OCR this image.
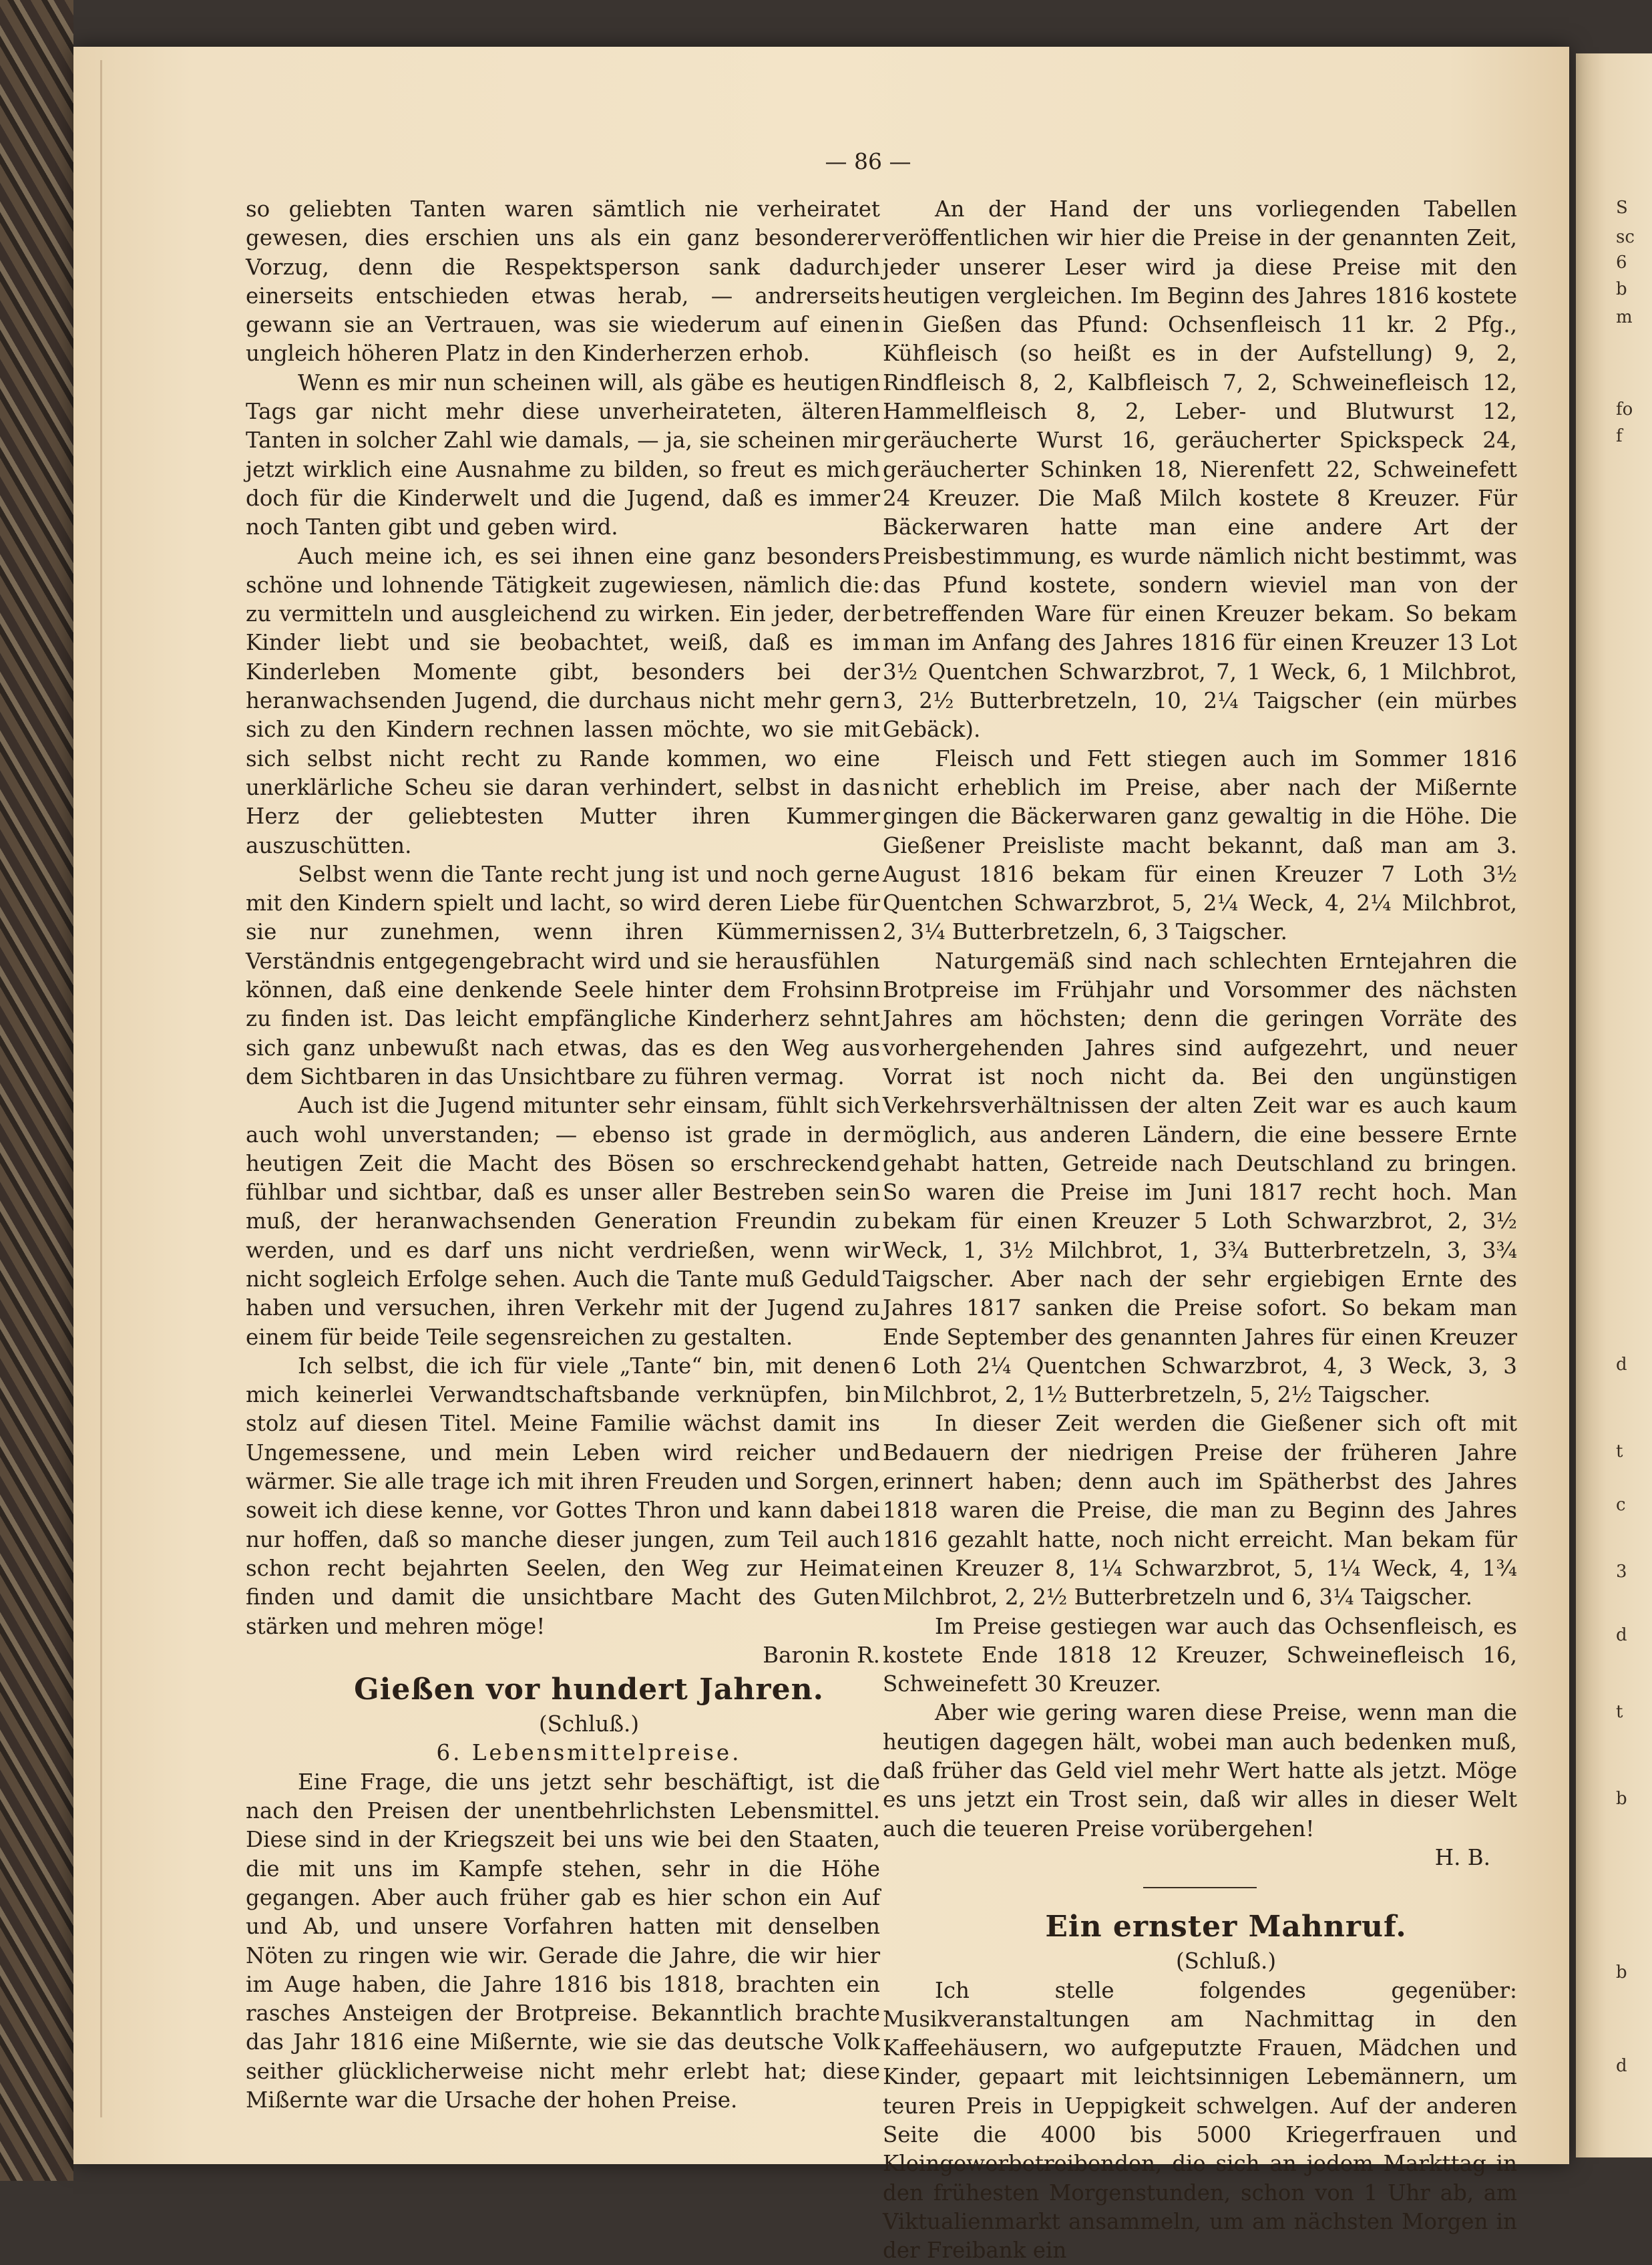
S
sc
6
b
m
fo
f
d
t
c
3
d
t
b
b
d
— 86 —

so geliebten Tanten waren sämtlich nie verheiratet gewesen, dies erschien uns als ein ganz besonderer Vorzug, denn die Respektsperson sank dadurch einerseits entschieden etwas herab, — andrerseits gewann sie an Vertrauen, was sie wiederum auf einen ungleich höheren Platz in den Kinderherzen erhob.

Wenn es mir nun scheinen will, als gäbe es heutigen Tags gar nicht mehr diese unverheirateten, älteren Tanten in solcher Zahl wie damals, — ja, sie scheinen mir jetzt wirklich eine Ausnahme zu bilden, so freut es mich doch für die Kinderwelt und die Jugend, daß es immer noch Tanten gibt und geben wird.

Auch meine ich, es sei ihnen eine ganz besonders schöne und lohnende Tätigkeit zugewiesen, nämlich die: zu vermitteln und ausgleichend zu wirken. Ein jeder, der Kinder liebt und sie beobachtet, weiß, daß es im Kinderleben Momente gibt, besonders bei der heranwachsenden Jugend, die durchaus nicht mehr gern sich zu den Kindern rechnen lassen möchte, wo sie mit sich selbst nicht recht zu Rande kommen, wo eine unerklärliche Scheu sie daran verhindert, selbst in das Herz der geliebtesten Mutter ihren Kummer auszuschütten.

Selbst wenn die Tante recht jung ist und noch gerne mit den Kindern spielt und lacht, so wird deren Liebe für sie nur zunehmen, wenn ihren Kümmernissen Verständnis entgegengebracht wird und sie herausfühlen können, daß eine denkende Seele hinter dem Frohsinn zu finden ist. Das leicht empfängliche Kinderherz sehnt sich ganz unbewußt nach etwas, das es den Weg aus dem Sichtbaren in das Unsichtbare zu führen vermag.

Auch ist die Jugend mitunter sehr einsam, fühlt sich auch wohl unverstanden; — ebenso ist grade in der heutigen Zeit die Macht des Bösen so erschreckend fühlbar und sichtbar, daß es unser aller Bestreben sein muß, der heranwachsenden Generation Freundin zu werden, und es darf uns nicht verdrießen, wenn wir nicht sogleich Erfolge sehen. Auch die Tante muß Geduld haben und versuchen, ihren Verkehr mit der Jugend zu einem für beide Teile segensreichen zu gestalten.

Ich selbst, die ich für viele „Tante“ bin, mit denen mich keinerlei Verwandtschaftsbande verknüpfen, bin stolz auf diesen Titel. Meine Familie wächst damit ins Ungemessene, und mein Leben wird reicher und wärmer. Sie alle trage ich mit ihren Freuden und Sorgen, soweit ich diese kenne, vor Gottes Thron und kann dabei nur hoffen, daß so manche dieser jungen, zum Teil auch schon recht bejahrten Seelen, den Weg zur Heimat finden und damit die unsichtbare Macht des Guten stärken und mehren möge!

Baronin R.

Gießen vor hundert Jahren.

(Schluß.)

6. Lebensmittelpreise.

Eine Frage, die uns jetzt sehr beschäftigt, ist die nach den Preisen der unentbehrlichsten Lebensmittel. Diese sind in der Kriegszeit bei uns wie bei den Staaten, die mit uns im Kampfe stehen, sehr in die Höhe gegangen. Aber auch früher gab es hier schon ein Auf und Ab, und unsere Vorfahren hatten mit denselben Nöten zu ringen wie wir. Gerade die Jahre, die wir hier im Auge haben, die Jahre 1816 bis 1818, brachten ein rasches Ansteigen der Brotpreise. Bekanntlich brachte das Jahr 1816 eine Mißernte, wie sie das deutsche Volk seither glücklicherweise nicht mehr erlebt hat; diese Mißernte war die Ursache der hohen Preise.

An der Hand der uns vorliegenden Tabellen veröffentlichen wir hier die Preise in der genannten Zeit, jeder unserer Leser wird ja diese Preise mit den heutigen vergleichen. Im Beginn des Jahres 1816 kostete in Gießen das Pfund: Ochsenfleisch 11 kr. 2 Pfg., Kühfleisch (so heißt es in der Aufstellung) 9, 2, Rindfleisch 8, 2, Kalbfleisch 7, 2, Schweinefleisch 12, Hammelfleisch 8, 2, Leber- und Blutwurst 12, geräucherte Wurst 16, geräucherter Spickspeck 24, geräucherter Schinken 18, Nierenfett 22, Schweinefett 24 Kreuzer. Die Maß Milch kostete 8 Kreuzer. Für Bäckerwaren hatte man eine andere Art der Preisbestimmung, es wurde nämlich nicht bestimmt, was das Pfund kostete, sondern wieviel man von der betreffenden Ware für einen Kreuzer bekam. So bekam man im Anfang des Jahres 1816 für einen Kreuzer 13 Lot 3½ Quentchen Schwarzbrot, 7, 1 Weck, 6, 1 Milchbrot, 3, 2½ Butterbretzeln, 10, 2¼ Taigscher (ein mürbes Gebäck).

Fleisch und Fett stiegen auch im Sommer 1816 nicht erheblich im Preise, aber nach der Mißernte gingen die Bäckerwaren ganz gewaltig in die Höhe. Die Gießener Preisliste macht bekannt, daß man am 3. August 1816 bekam für einen Kreuzer 7 Loth 3½ Quentchen Schwarzbrot, 5, 2¼ Weck, 4, 2¼ Milchbrot, 2, 3¼ Butterbretzeln, 6, 3 Taigscher.

Naturgemäß sind nach schlechten Erntejahren die Brotpreise im Frühjahr und Vorsommer des nächsten Jahres am höchsten; denn die geringen Vorräte des vorhergehenden Jahres sind aufgezehrt, und neuer Vorrat ist noch nicht da. Bei den ungünstigen Verkehrsverhältnissen der alten Zeit war es auch kaum möglich, aus anderen Ländern, die eine bessere Ernte gehabt hatten, Getreide nach Deutschland zu bringen. So waren die Preise im Juni 1817 recht hoch. Man bekam für einen Kreuzer 5 Loth Schwarzbrot, 2, 3½ Weck, 1, 3½ Milchbrot, 1, 3¾ Butterbretzeln, 3, 3¾ Taigscher. Aber nach der sehr ergiebigen Ernte des Jahres 1817 sanken die Preise sofort. So bekam man Ende September des genannten Jahres für einen Kreuzer 6 Loth 2¼ Quentchen Schwarzbrot, 4, 3 Weck, 3, 3 Milchbrot, 2, 1½ Butterbretzeln, 5, 2½ Taigscher.

In dieser Zeit werden die Gießener sich oft mit Bedauern der niedrigen Preise der früheren Jahre erinnert haben; denn auch im Spätherbst des Jahres 1818 waren die Preise, die man zu Beginn des Jahres 1816 gezahlt hatte, noch nicht erreicht. Man bekam für einen Kreuzer 8, 1¼ Schwarzbrot, 5, 1¼ Weck, 4, 1¾ Milchbrot, 2, 2½ Butterbretzeln und 6, 3¼ Taigscher.

Im Preise gestiegen war auch das Ochsenfleisch, es kostete Ende 1818 12 Kreuzer, Schweinefleisch 16, Schweinefett 30 Kreuzer.

Aber wie gering waren diese Preise, wenn man die heutigen dagegen hält, wobei man auch bedenken muß, daß früher das Geld viel mehr Wert hatte als jetzt. Möge es uns jetzt ein Trost sein, daß wir alles in dieser Welt auch die teueren Preise vorübergehen!

H. B.

Ein ernster Mahnruf.

(Schluß.)

Ich stelle folgendes gegenüber: Musikveranstaltungen am Nachmittag in den Kaffeehäusern, wo aufgeputzte Frauen, Mädchen und Kinder, gepaart mit leichtsinnigen Lebemännern, um teuren Preis in Ueppigkeit schwelgen. Auf der anderen Seite die 4000 bis 5000 Kriegerfrauen und Kleingewerbetreibenden, die sich an jedem Markttag in den frühesten Morgenstunden, schon von 1 Uhr ab, am Viktualienmarkt ansammeln, um am nächsten Morgen in der Freibank ein
